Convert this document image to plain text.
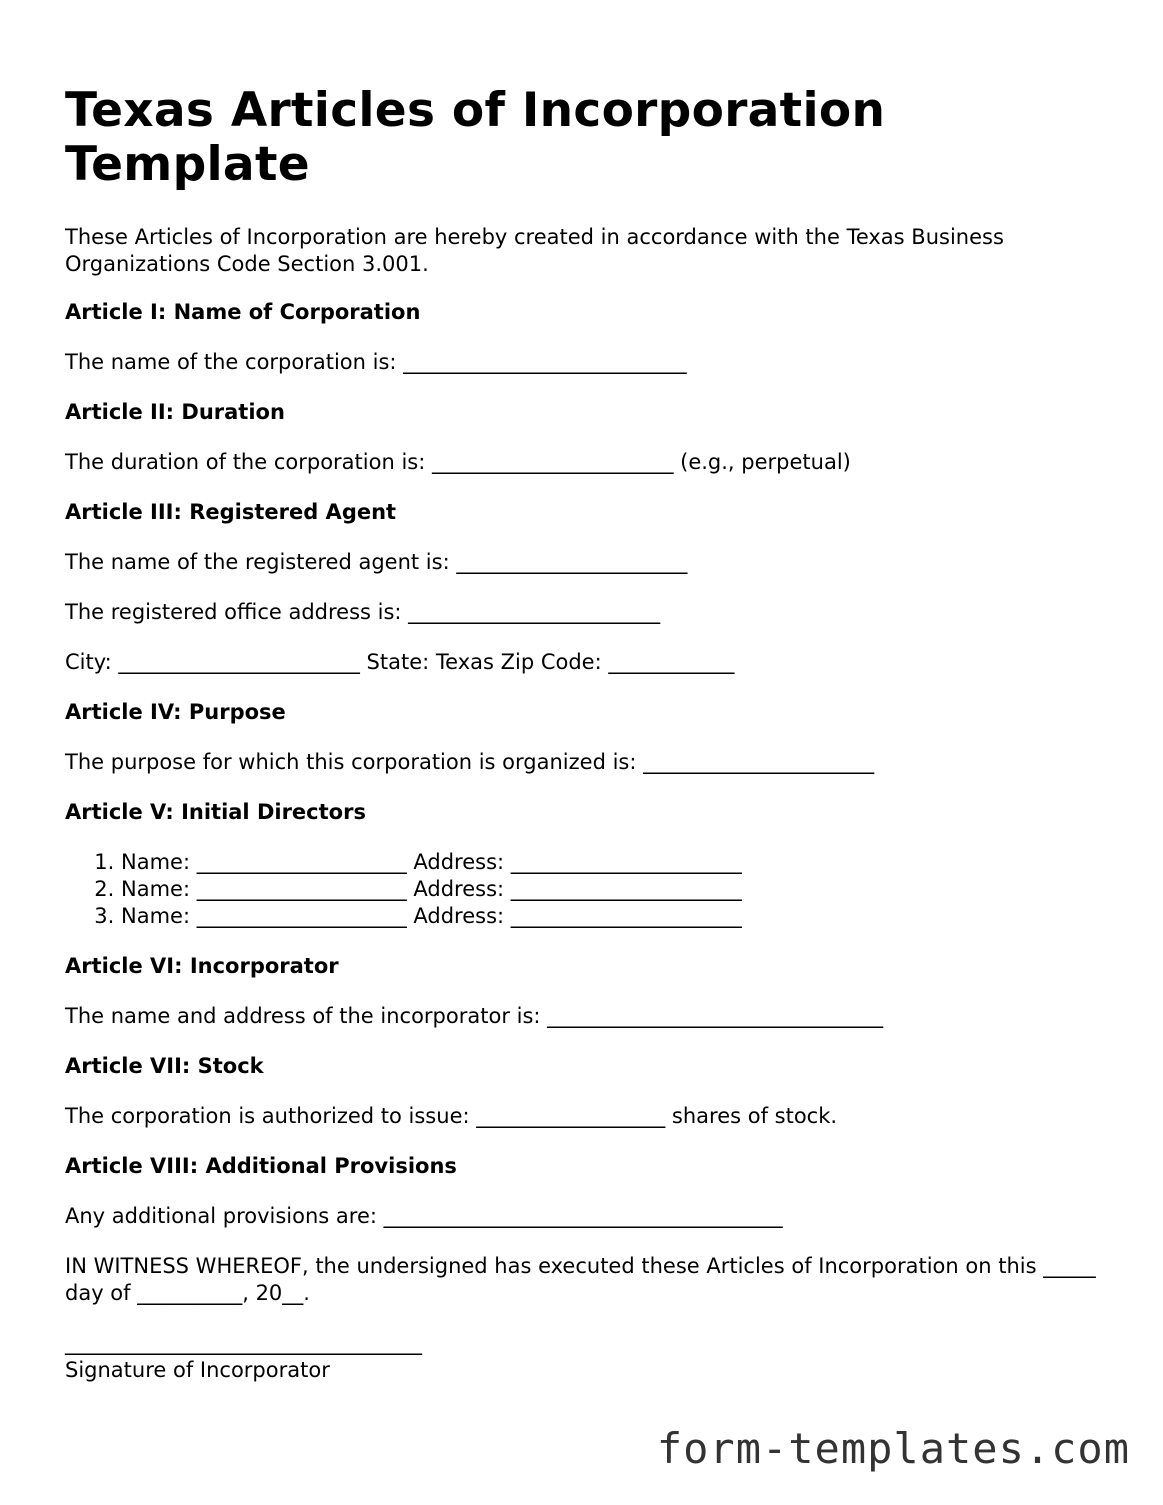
Texas Articles of Incorporation Template

These Articles of Incorporation are hereby created in accordance with the Texas Business Organizations Code Section 3.001.

Article I: Name of Corporation

The name of the corporation is: ___________________________

Article II: Duration

The duration of the corporation is: _______________________ (e.g., perpetual)

Article III: Registered Agent

The name of the registered agent is: ______________________

The registered office address is: ________________________

City: _______________________ State: Texas Zip Code: ____________

Article IV: Purpose

The purpose for which this corporation is organized is: ______________________

Article V: Initial Directors

1. Name: ____________________ Address: ______________________
2. Name: ____________________ Address: ______________________
3. Name: ____________________ Address: ______________________

Article VI: Incorporator

The name and address of the incorporator is: ________________________________

Article VII: Stock

The corporation is authorized to issue: __________________ shares of stock.

Article VIII: Additional Provisions

Any additional provisions are: ______________________________________

IN WITNESS WHEREOF, the undersigned has executed these Articles of Incorporation on this _____ day of __________, 20__.

__________________________________

Signature of Incorporator

form-templates.com
